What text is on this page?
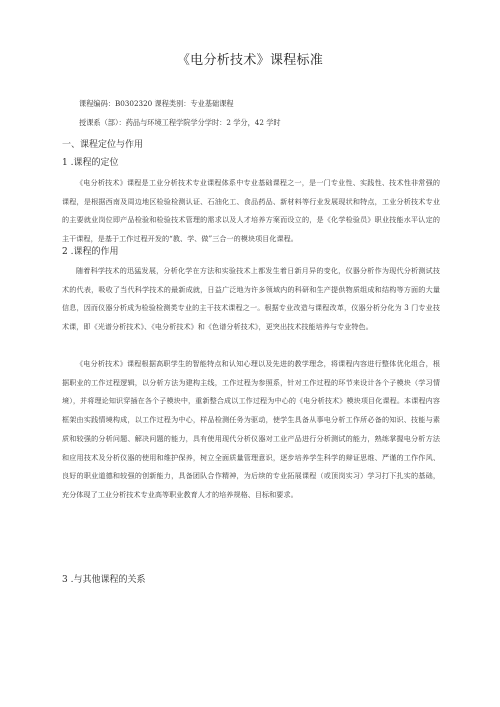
《电分析技术》课程标准
课程编码：B0302320 课程类别：专业基础课程
授课系（部）：药品与环境工程学院学分学时：2 学分，42 学时
一、课程定位与作用
1 .课程的定位
《电分析技术》课程是工业分析技术专业课程体系中专业基础课程之一，是一门专业性、实践性、技术性非常强的课程，是根据西南及周边地区检验检测认证、石油化工、食品药品、新材料等行业发展现状和特点，工业分析技术专业的主要就业岗位即产品检验和检验技术管理的需求以及人才培养方案而设立的，是《化学检验员》职业技能水平认定的主干课程，是基于工作过程开发的“教、学、做”三合一的模块项目化课程。
2 .课程的作用
随着科学技术的迅猛发展，分析化学在方法和实验技术上都发生着日新月异的变化，仪器分析作为现代分析测试技术的代表，吸收了当代科学技术的最新成就，日益广泛地为许多领域内的科研和生产提供物质组成和结构等方面的大量信息，因而仪器分析成为检验检测类专业的主干技术课程之一。根据专业改造与课程改革，仪器分析分化为 3 门专业技术课，即《光谱分析技术》、《电分析技术》和《色谱分析技术》，更突出技术技能培养与专业特色。
《电分析技术》课程根据高职学生的智能特点和认知心理以及先进的教学理念，将课程内容进行整体优化组合，根据职业的工作过程逻辑，以分析方法为建构主线，工作过程为参照系，针对工作过程的环节来设计各个子模块（学习情境），并将理论知识穿插在各个子模块中，重新整合成以工作过程为中心的《电分析技术》模块项目化课程。本课程内容框架由实践情境构成，以工作过程为中心，样品检测任务为驱动，使学生具备从事电分析工作所必备的知识、技能与素质和较强的分析问题、解决问题的能力，具有使用现代分析仪器对工业产品进行分析测试的能力，熟练掌握电分析方法和应用技术及分析仪器的使用和维护保养，树立全面质量管理意识，逐步培养学生科学的辩证思维、严谨的工作作风、良好的职业道德和较强的创新能力，具备团队合作精神，为后续的专业拓展课程（或顶岗实习）学习打下扎实的基础，充分体现了工业分析技术专业高等职业教育人才的培养规格、目标和要求。
3 .与其他课程的关系
